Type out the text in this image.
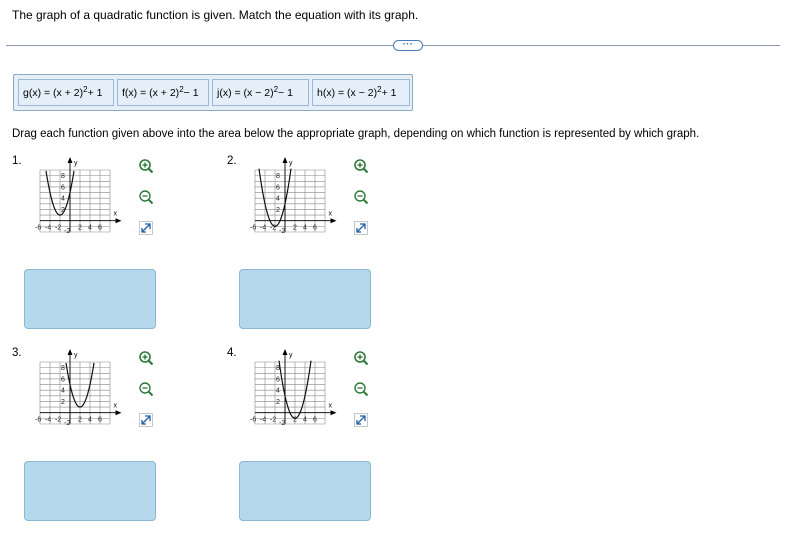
The graph of a quadratic function is given. Match the equation with its graph.
···
$g(x) = (x + 2)^2 + 1$ $f(x) = (x + 2)^2 - 1$ $j(x) = (x - 2)^2 - 1$ $h(x) = (x - 2)^2 + 1$
Drag each function given above into the area below the appropriate graph, depending on which function is represented by which graph.
1.	y
x
8
6
4
2
-2
-6 -4 -2 2 4 6
2.	y
x
8
6
4
2
-2
-6 -4 -2 2 4 6
3.	y
x
8
6
4
2
-2
-6 -4 -2 2 4 6
4.	y
x
8
6
4
2
-2
-6 -4 -2 2 4 6
